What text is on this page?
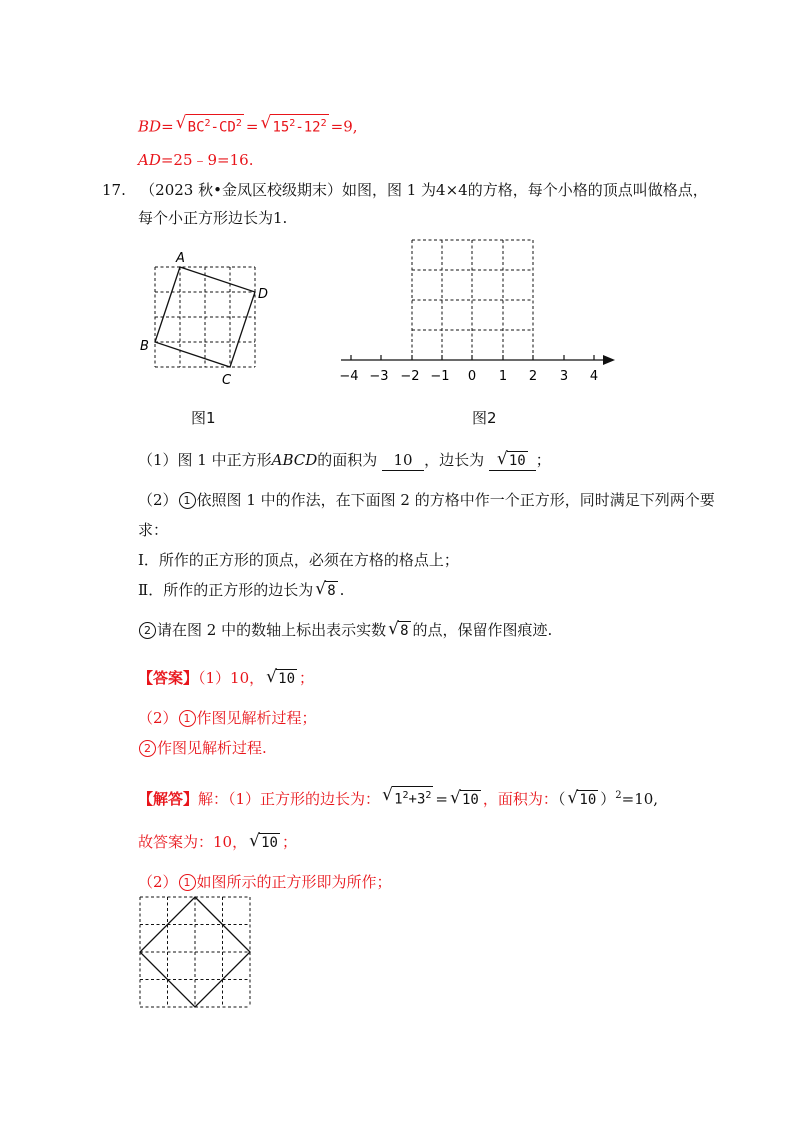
BD= √ $BC^2-CD^2$ = √ $15^2-12^2 =9$,
AD=25﹣9=16.
17. （2023 秋•金凤区校级期末）如图，图 1 为4×4的方格，每个小格的顶点叫做格点，
每个小正方形边长为1.
A
D
B
C
图1
−4 −3 −2 −1 0 1 2 3 4
图2
（1）图 1 中正方形ABCD的面积为 10 ，边长为 √ 10 ；
（2） 1 依照图 1 中的作法，在下面图 2 的方格中作一个正方形，同时满足下列两个要
求：
Ⅰ．所作的正方形的顶点，必须在方格的格点上；
Ⅱ．所作的正方形的边长为 √ 8 .
2 请在图 2 中的数轴上标出表示实数 √ 8 的点，保留作图痕迹.
【答案】（1）10， √ 10 ；
（2） 1 作图见解析过程；
2 作图见解析过程.
【解答】解：（1）正方形的边长为： √ $1^2+3^2$ = √ 10 ，面积为：（ √ 10 ）$^2$=10,
故答案为：10， √ 10 ；
（2） 1 如图所示的正方形即为所作；
